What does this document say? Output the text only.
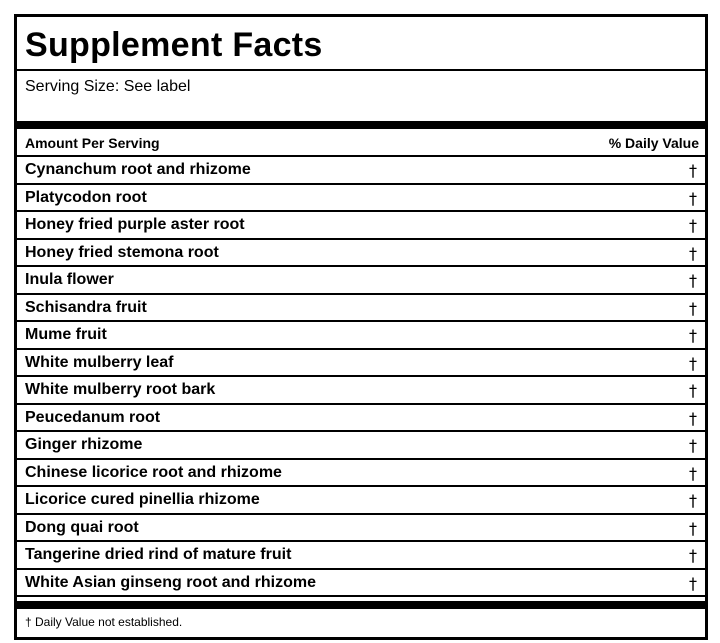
Supplement Facts
Serving Size: See label
Amount Per Serving	% Daily Value
Cynanchum root and rhizome	†
Platycodon root	†
Honey fried purple aster root	†
Honey fried stemona root	†
Inula flower	†
Schisandra fruit	†
Mume fruit	†
White mulberry leaf	†
White mulberry root bark	†
Peucedanum root	†
Ginger rhizome	†
Chinese licorice root and rhizome	†
Licorice cured pinellia rhizome	†
Dong quai root	†
Tangerine dried rind of mature fruit	†
White Asian ginseng root and rhizome	†
† Daily Value not established.
